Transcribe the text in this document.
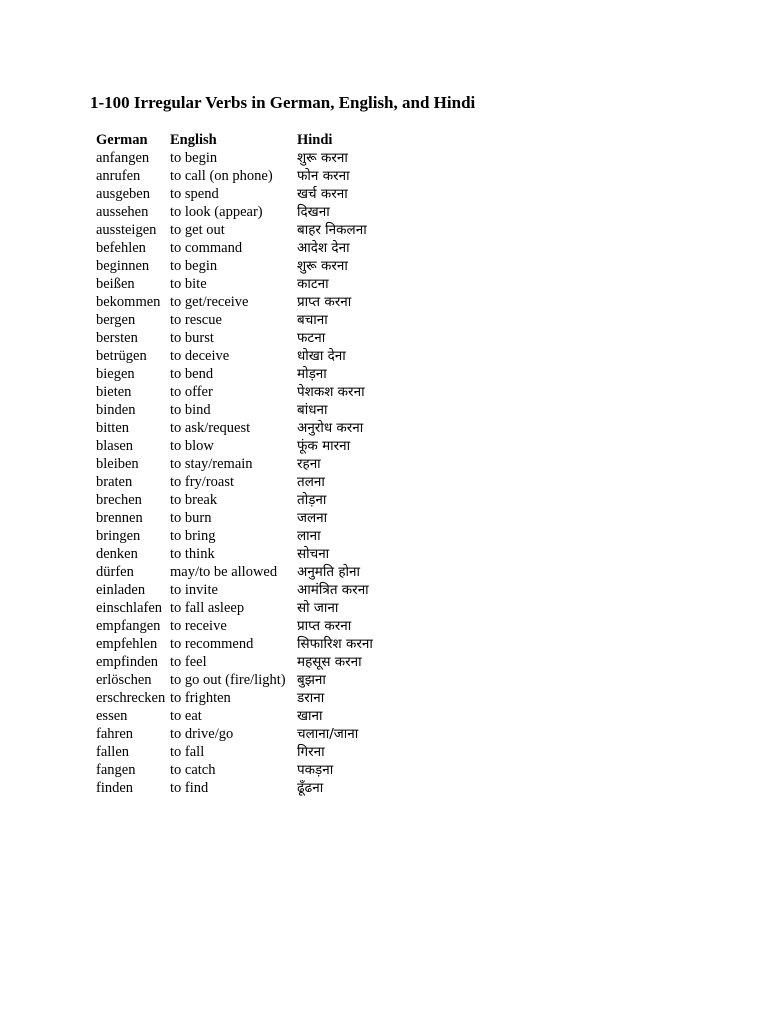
1-100 Irregular Verbs in German, English, and Hindi
German	English	Hindi
anfangen	to begin	शुरू करना
anrufen	to call (on phone)	फोन करना
ausgeben	to spend	खर्च करना
aussehen	to look (appear)	दिखना
aussteigen	to get out	बाहर निकलना
befehlen	to command	आदेश देना
beginnen	to begin	शुरू करना
beißen	to bite	काटना
bekommen	to get/receive	प्राप्त करना
bergen	to rescue	बचाना
bersten	to burst	फटना
betrügen	to deceive	धोखा देना
biegen	to bend	मोड़ना
bieten	to offer	पेशकश करना
binden	to bind	बांधना
bitten	to ask/request	अनुरोध करना
blasen	to blow	फूंक मारना
bleiben	to stay/remain	रहना
braten	to fry/roast	तलना
brechen	to break	तोड़ना
brennen	to burn	जलना
bringen	to bring	लाना
denken	to think	सोचना
dürfen	may/to be allowed	अनुमति होना
einladen	to invite	आमंत्रित करना
einschlafen	to fall asleep	सो जाना
empfangen	to receive	प्राप्त करना
empfehlen	to recommend	सिफारिश करना
empfinden	to feel	महसूस करना
erlöschen	to go out (fire/light)	बुझना
erschrecken	to frighten	डराना
essen	to eat	खाना
fahren	to drive/go	चलाना/जाना
fallen	to fall	गिरना
fangen	to catch	पकड़ना
finden	to find	ढूँढना
